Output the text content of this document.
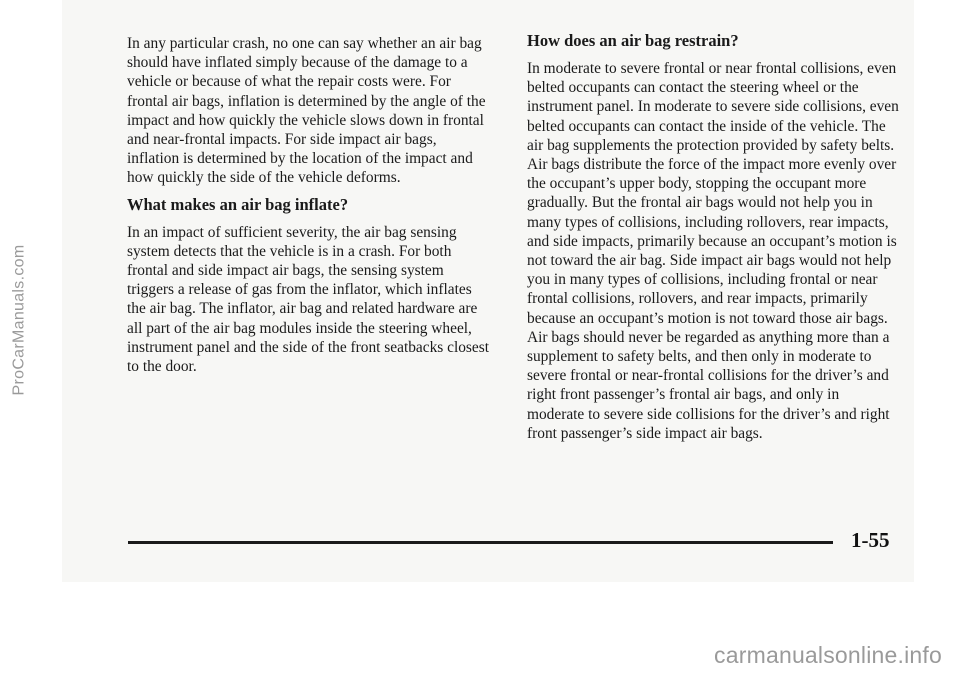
ProCarManuals.com

In any particular crash, no one can say whether an air bag should have inflated simply because of the damage to a vehicle or because of what the repair costs were. For frontal air bags, inflation is determined by the angle of the impact and how quickly the vehicle slows down in frontal and near-frontal impacts. For side impact air bags, inflation is determined by the location of the impact and how quickly the side of the vehicle deforms.

What makes an air bag inflate?

In an impact of sufficient severity, the air bag sensing system detects that the vehicle is in a crash. For both frontal and side impact air bags, the sensing system triggers a release of gas from the inflator, which inflates the air bag. The inflator, air bag and related hardware are all part of the air bag modules inside the steering wheel, instrument panel and the side of the front seatbacks closest to the door.

How does an air bag restrain?

In moderate to severe frontal or near frontal collisions, even belted occupants can contact the steering wheel or the instrument panel. In moderate to severe side collisions, even belted occupants can contact the inside of the vehicle. The air bag supplements the protection provided by safety belts. Air bags distribute the force of the impact more evenly over the occupant’s upper body, stopping the occupant more gradually. But the frontal air bags would not help you in many types of collisions, including rollovers, rear impacts, and side impacts, primarily because an occupant’s motion is not toward the air bag. Side impact air bags would not help you in many types of collisions, including frontal or near frontal collisions, rollovers, and rear impacts, primarily because an occupant’s motion is not toward those air bags. Air bags should never be regarded as anything more than a supplement to safety belts, and then only in moderate to severe frontal or near-frontal collisions for the driver’s and right front passenger’s frontal air bags, and only in moderate to severe side collisions for the driver’s and right front passenger’s side impact air bags.

1-55
carmanualsonline.info
